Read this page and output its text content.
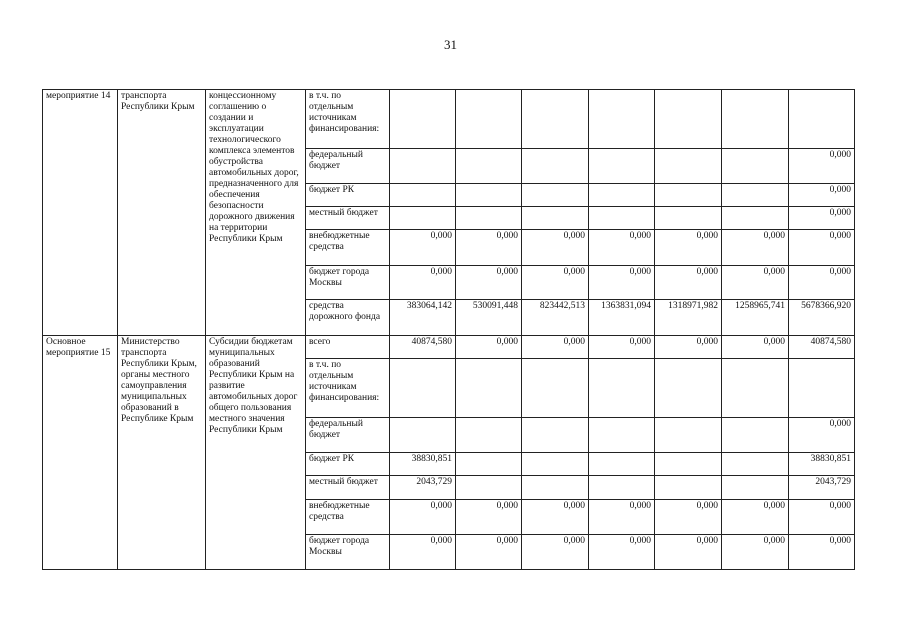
31
мероприятие 14	транспорта Республики Крым	концессионному соглашению о создании и эксплуатации технологического комплекса элементов обустройства автомобильных дорог, предназначенного для обеспечения безопасности дорожного движения на территории Республики Крым	в т.ч. по отдельным источникам финансирования:							
			федеральный бюджет							0,000
			бюджет РК							0,000
			местный бюджет							0,000
			внебюджетные средства	0,000	0,000	0,000	0,000	0,000	0,000	0,000
			бюджет города Москвы	0,000	0,000	0,000	0,000	0,000	0,000	0,000
			средства дорожного фонда	383064,142	530091,448	823442,513	1363831,094	1318971,982	1258965,741	5678366,920
Основное мероприятие 15	Министерство транспорта Республики Крым, органы местного самоуправления муниципальных образований в Республике Крым	Субсидии бюджетам муниципальных образований Республики Крым на развитие автомобильных дорог общего пользования местного значения Республики Крым	всего	40874,580	0,000	0,000	0,000	0,000	0,000	40874,580
			в т.ч. по отдельным источникам финансирования:							
			федеральный бюджет							0,000
			бюджет РК	38830,851						38830,851
			местный бюджет	2043,729						2043,729
			внебюджетные средства	0,000	0,000	0,000	0,000	0,000	0,000	0,000
			бюджет города Москвы	0,000	0,000	0,000	0,000	0,000	0,000	0,000
